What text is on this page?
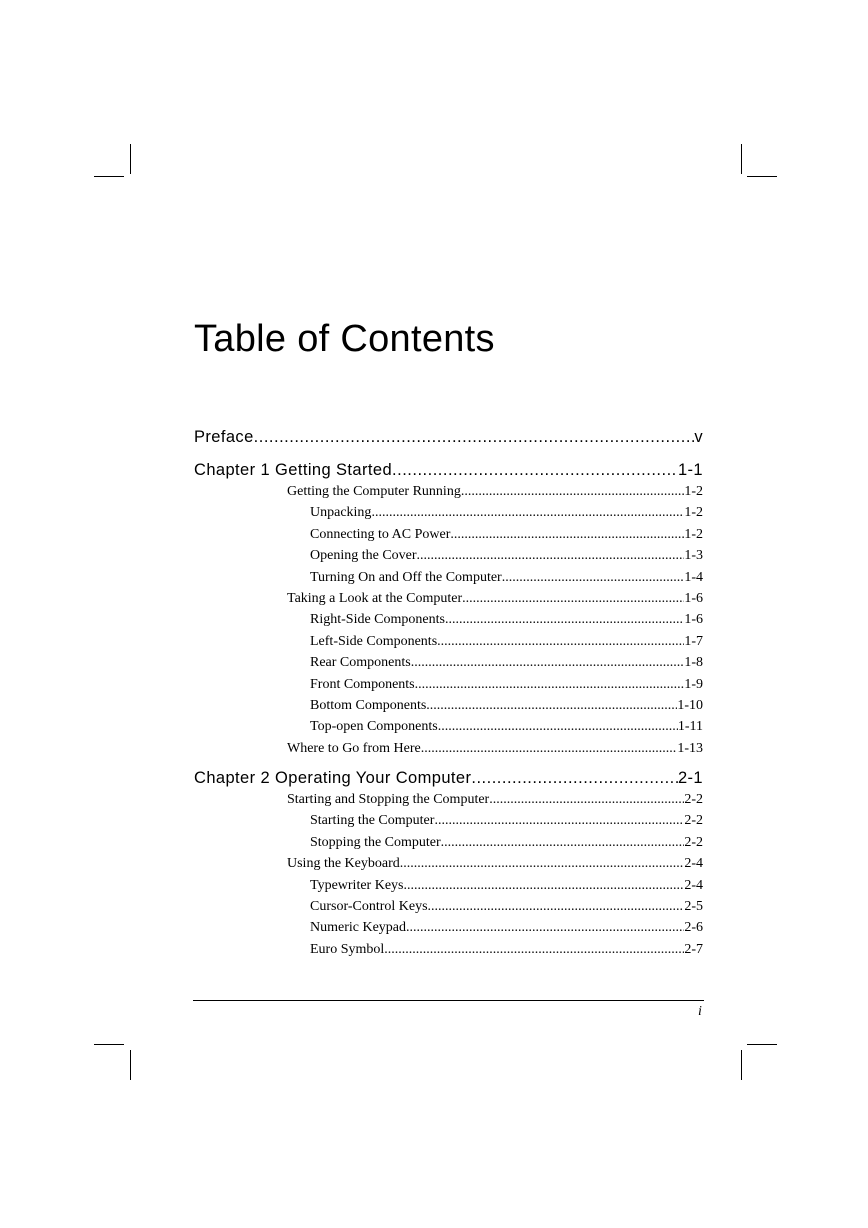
Table of Contents
Preface .....	v
Chapter 1 Getting Started .....	1-1
Getting the Computer Running .....	1-2
Unpacking .....	1-2
Connecting to AC Power .....	1-2
Opening the Cover .....	1-3
Turning On and Off the Computer .....	1-4
Taking a Look at the Computer .....	1-6
Right-Side Components .....	1-6
Left-Side Components .....	1-7
Rear Components .....	1-8
Front Components .....	1-9
Bottom Components .....	1-10
Top-open Components .....	1-11
Where to Go from Here .....	1-13
Chapter 2 Operating Your Computer .....	2-1
Starting and Stopping the Computer .....	2-2
Starting the Computer .....	2-2
Stopping the Computer .....	2-2
Using the Keyboard .....	2-4
Typewriter Keys .....	2-4
Cursor-Control Keys .....	2-5
Numeric Keypad .....	2-6
Euro Symbol .....	2-7
i
